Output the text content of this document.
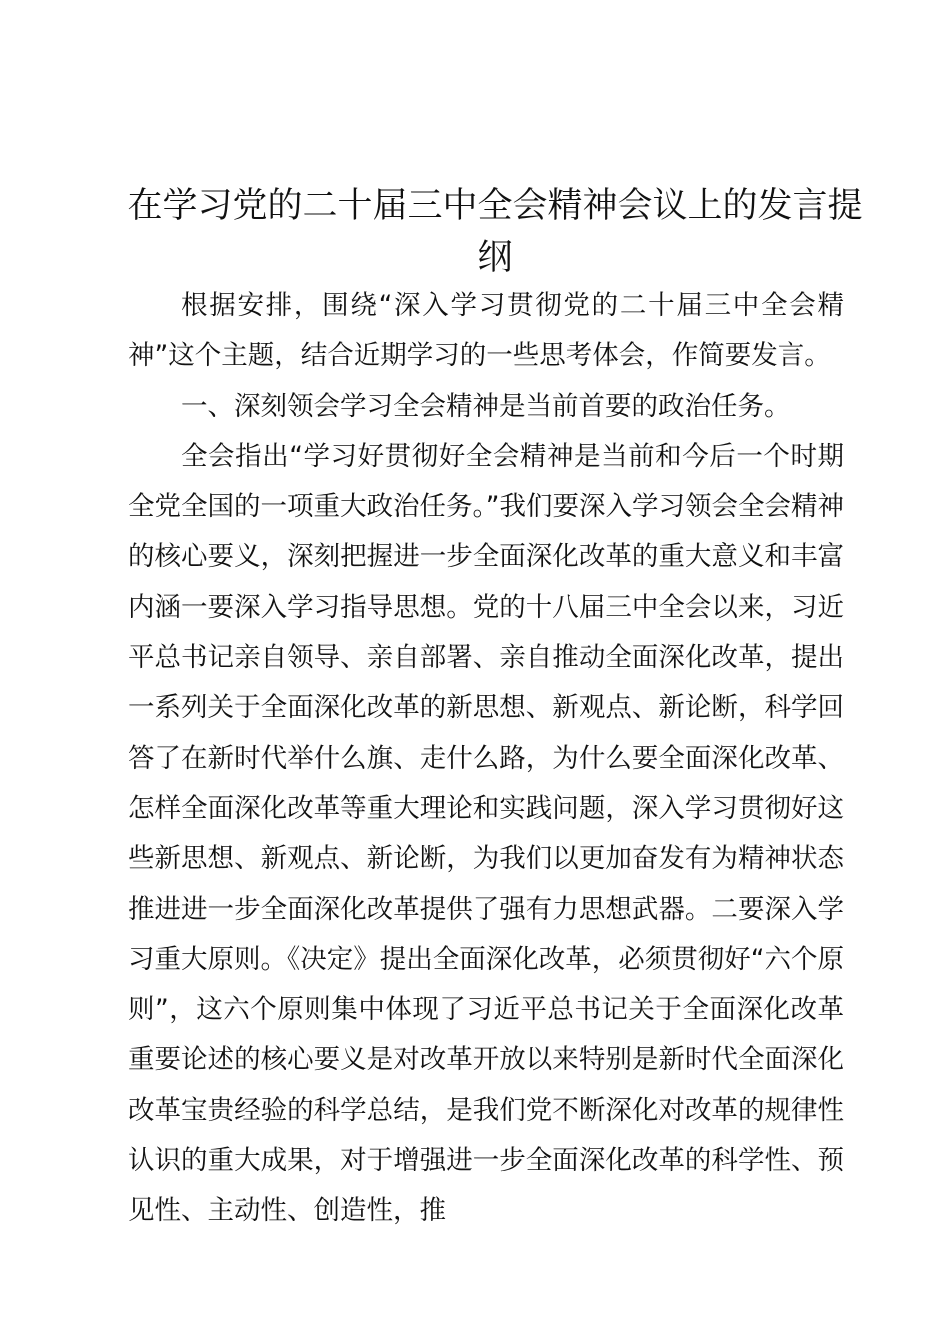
在学习党的二十届三中全会精神会议上的发言提纲

根据安排，围绕“深入学习贯彻党的二十届三中全会精神”这个主题，结合近期学习的一些思考体会，作简要发言。

一、深刻领会学习全会精神是当前首要的政治任务。

全会指出“学习好贯彻好全会精神是当前和今后一个时期全党全国的一项重大政治任务。”我们要深入学习领会全会精神的核心要义，深刻把握进一步全面深化改革的重大意义和丰富内涵一要深入学习指导思想。党的十八届三中全会以来，习近平总书记亲自领导、亲自部署、亲自推动全面深化改革，提出一系列关于全面深化改革的新思想、新观点、新论断，科学回答了在新时代举什么旗、走什么路，为什么要全面深化改革、怎样全面深化改革等重大理论和实践问题，深入学习贯彻好这些新思想、新观点、新论断，为我们以更加奋发有为精神状态推进进一步全面深化改革提供了强有力思想武器。二要深入学习重大原则。《决定》提出全面深化改革，必须贯彻好“六个原则”，这六个原则集中体现了习近平总书记关于全面深化改革重要论述的核心要义是对改革开放以来特别是新时代全面深化改革宝贵经验的科学总结，是我们党不断深化对改革的规律性认识的重大成果，对于增强进一步全面深化改革的科学性、预见性、主动性、创造性，推
